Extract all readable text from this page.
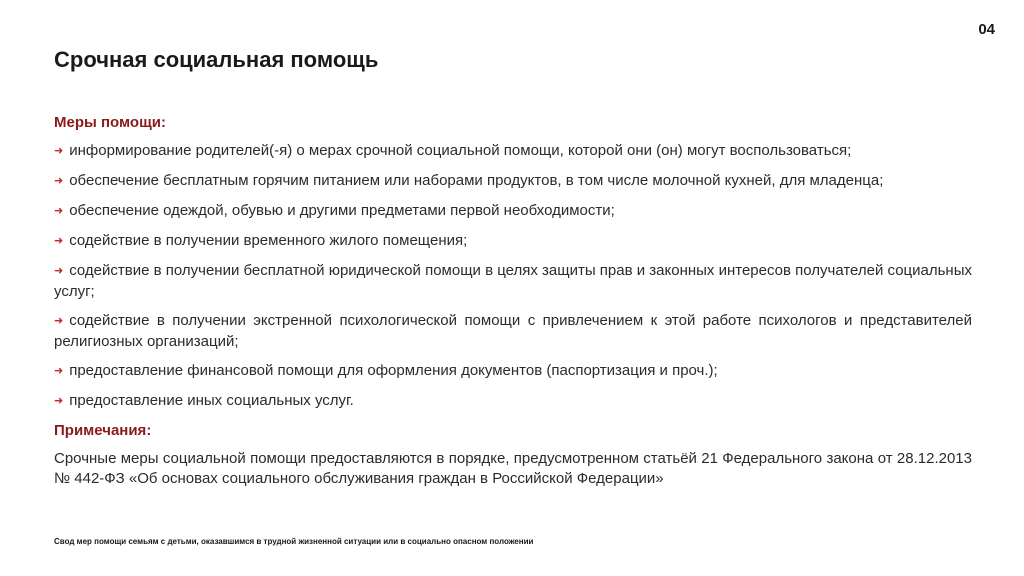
04
Срочная социальная помощь
Меры помощи:
➜ информирование родителей(-я) о мерах срочной социальной помощи, которой они (он) могут воспользоваться;
➜ обеспечение бесплатным горячим питанием или наборами продуктов, в том числе молочной кухней, для младенца;
➜ обеспечение одеждой, обувью и другими предметами первой необходимости;
➜ содействие в получении временного жилого помещения;
➜ содействие в получении бесплатной юридической помощи в целях защиты прав и законных интересов получателей социальных услуг;
➜ содействие в получении экстренной психологической помощи с привлечением к этой работе психологов и представителей религиозных организаций;
➜ предоставление финансовой помощи для оформления документов (паспортизация и проч.);
➜ предоставление иных социальных услуг.
Примечания:

Срочные меры социальной помощи предоставляются в порядке, предусмотренном статьёй 21 Федерального закона от 28.12.2013 № 442-ФЗ «Об основах социального обслуживания граждан в Российской Федерации»

Свод мер помощи семьям с детьми, оказавшимся в трудной жизненной ситуации или в социально опасном положении
